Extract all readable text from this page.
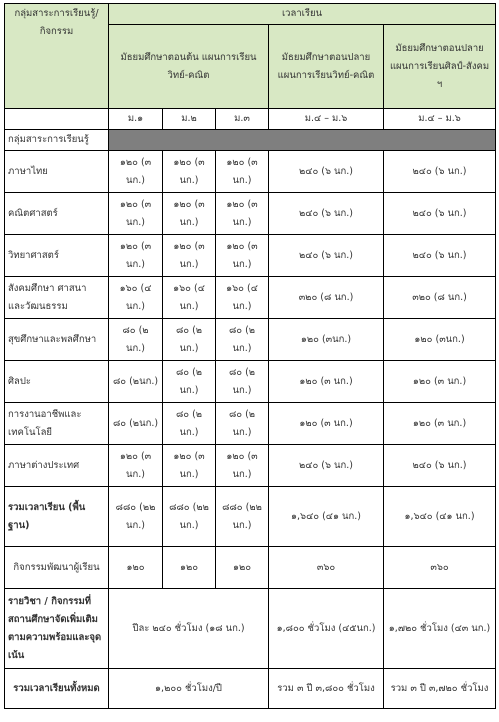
กลุ่มสาระการเรียนรู้/กิจกรรม	เวลาเรียน				
	มัธยมศึกษาตอนต้น แผนการเรียนวิทย์-คณิต			มัธยมศึกษาตอนปลาย แผนการเรียนวิทย์-คณิต	มัธยมศึกษาตอนปลาย แผนการเรียนศิลป์-สังคม ฯ
	ม.๑	ม.๒	ม.๓	ม.๔ – ม.๖	ม.๔ – ม.๖
กลุ่มสาระการเรียนรู้					
ภาษาไทย	๑๒๐ (๓ นก.)	๑๒๐ (๓ นก.)	๑๒๐ (๓ นก.)	๒๔๐ (๖ นก.)	๒๔๐ (๖ นก.)
คณิตศาสตร์	๑๒๐ (๓ นก.)	๑๒๐ (๓ นก.)	๑๒๐ (๓ นก.)	๒๔๐ (๖ นก.)	๒๔๐ (๖ นก.)
วิทยาศาสตร์	๑๒๐ (๓ นก.)	๑๒๐ (๓ นก.)	๑๒๐ (๓ นก.)	๒๔๐ (๖ นก.)	๒๔๐ (๖ นก.)
สังคมศึกษา ศาสนา และวัฒนธรรม	๑๖๐ (๔ นก.)	๑๖๐ (๔ นก.)	๑๖๐ (๔ นก.)	๓๒๐ (๘ นก.)	๓๒๐ (๘ นก.)
สุขศึกษาและพลศึกษา	๘๐ (๒ นก.)	๘๐ (๒ นก.)	๘๐ (๒ นก.)	๑๒๐ (๓นก.)	๑๒๐ (๓นก.)
ศิลปะ	๘๐ (๒นก.)	๘๐ (๒ นก.)	๘๐ (๒ นก.)	๑๒๐ (๓ นก.)	๑๒๐ (๓ นก.)
การงานอาชีพและเทคโนโลยี	๘๐ (๒นก.)	๘๐ (๒ นก.)	๘๐ (๒ นก.)	๑๒๐ (๓ นก.)	๑๒๐ (๓ นก.)
ภาษาต่างประเทศ	๑๒๐ (๓ นก.)	๑๒๐ (๓ นก.)	๑๒๐ (๓ นก.)	๒๔๐ (๖ นก.)	๒๔๐ (๖ นก.)
รวมเวลาเรียน (พื้นฐาน)	๘๘๐ (๒๒ นก.)	๘๘๐ (๒๒ นก.)	๘๘๐ (๒๒ นก.)	๑,๖๔๐ (๔๑ นก.)	๑,๖๔๐ (๔๑ นก.)
กิจกรรมพัฒนาผู้เรียน	๑๒๐	๑๒๐	๑๒๐	๓๖๐	๓๖๐
รายวิชา / กิจกรรมที่สถานศึกษาจัดเพิ่มเติมตามความพร้อมและจุดเน้น	ปีละ ๒๔๐ ชั่วโมง (๑๘ นก.)			๑,๘๐๐ ชั่วโมง (๔๕นก.)	๑,๗๒๐ ชั่วโมง (๔๓ นก.)
รวมเวลาเรียนทั้งหมด	๑,๒๐๐ ชั่วโมง/ปี			รวม ๓ ปี ๓,๘๐๐ ชั่วโมง	รวม ๓ ปี ๓,๗๒๐ ชั่วโมง
